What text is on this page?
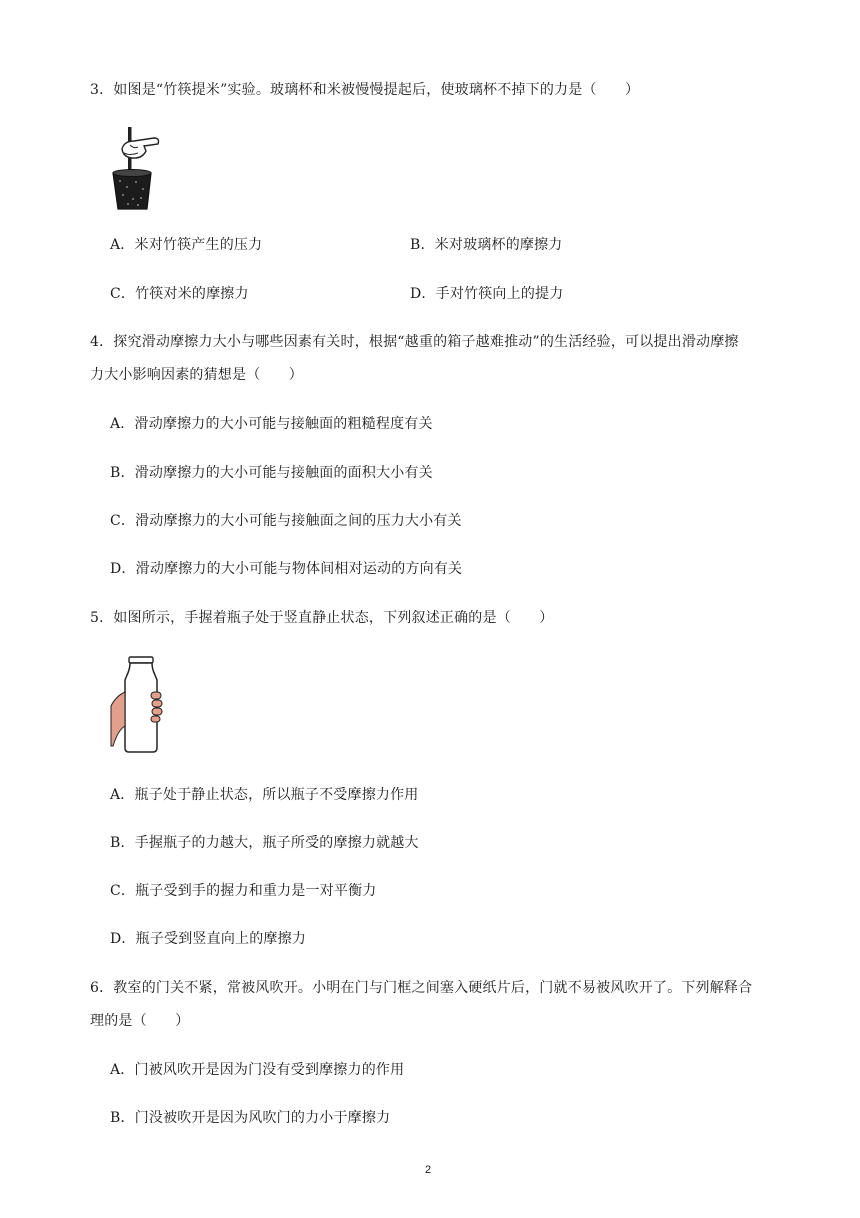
3．如图是“竹筷提米”实验。玻璃杯和米被慢慢提起后，使玻璃杯不掉下的力是（　　）
A．米对竹筷产生的压力	B．米对玻璃杯的摩擦力
C．竹筷对米的摩擦力	D．手对竹筷向上的提力
4．探究滑动摩擦力大小与哪些因素有关时，根据“越重的箱子越难推动”的生活经验，可以提出滑动摩擦
力大小影响因素的猜想是（　　）
A．滑动摩擦力的大小可能与接触面的粗糙程度有关
B．滑动摩擦力的大小可能与接触面的面积大小有关
C．滑动摩擦力的大小可能与接触面之间的压力大小有关
D．滑动摩擦力的大小可能与物体间相对运动的方向有关
5．如图所示，手握着瓶子处于竖直静止状态，下列叙述正确的是（　　）
A．瓶子处于静止状态，所以瓶子不受摩擦力作用
B．手握瓶子的力越大，瓶子所受的摩擦力就越大
C．瓶子受到手的握力和重力是一对平衡力
D．瓶子受到竖直向上的摩擦力
6．教室的门关不紧，常被风吹开。小明在门与门框之间塞入硬纸片后，门就不易被风吹开了。下列解释合
理的是（　　）
A．门被风吹开是因为门没有受到摩擦力的作用
B．门没被吹开是因为风吹门的力小于摩擦力
2
